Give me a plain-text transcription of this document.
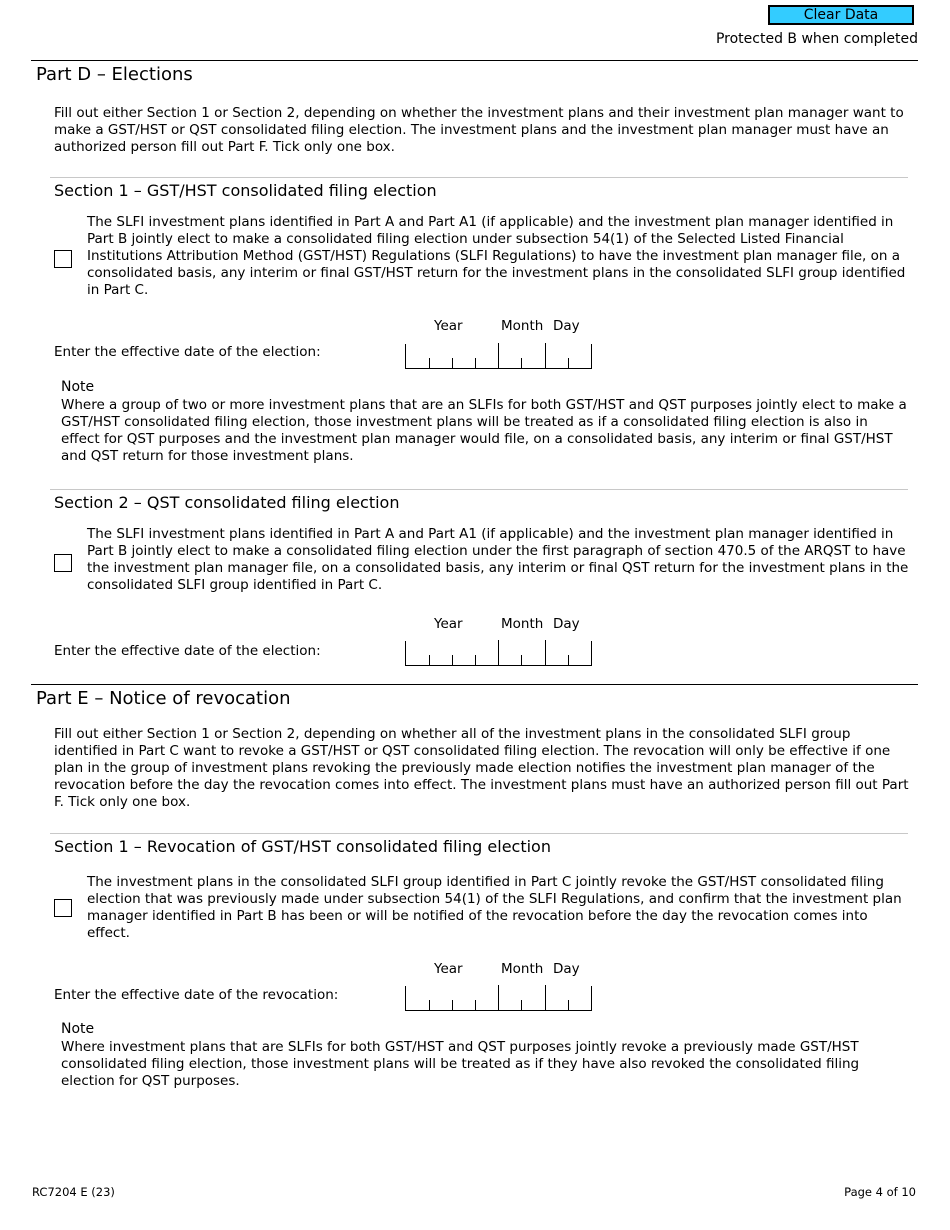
Clear Data
Protected B when completed
Part D – Elections
Fill out either Section 1 or Section 2, depending on whether the investment plans and their investment plan manager want to make a GST/HST or QST consolidated filing election. The investment plans and the investment plan manager must have an authorized person fill out Part F. Tick only one box.
Section 1 – GST/HST consolidated filing election
The SLFI investment plans identified in Part A and Part A1 (if applicable) and the investment plan manager identified in Part B jointly elect to make a consolidated filing election under subsection 54(1) of the Selected Listed Financial Institutions Attribution Method (GST/HST) Regulations (SLFI Regulations) to have the investment plan manager file, on a consolidated basis, any interim or final GST/HST return for the investment plans in the consolidated SLFI group identified in Part C.
Year	Month Day
Enter the effective date of the election:
Note
Where a group of two or more investment plans that are an SLFIs for both GST/HST and QST purposes jointly elect to make a GST/HST consolidated filing election, those investment plans will be treated as if a consolidated filing election is also in effect for QST purposes and the investment plan manager would file, on a consolidated basis, any interim or final GST/HST and QST return for those investment plans.
Section 2 – QST consolidated filing election
The SLFI investment plans identified in Part A and Part A1 (if applicable) and the investment plan manager identified in Part B jointly elect to make a consolidated filing election under the first paragraph of section 470.5 of the ARQST to have the investment plan manager file, on a consolidated basis, any interim or final QST return for the investment plans in the consolidated SLFI group identified in Part C.
Year	Month Day
Enter the effective date of the election:
Part E – Notice of revocation
Fill out either Section 1 or Section 2, depending on whether all of the investment plans in the consolidated SLFI group identified in Part C want to revoke a GST/HST or QST consolidated filing election. The revocation will only be effective if one plan in the group of investment plans revoking the previously made election notifies the investment plan manager of the revocation before the day the revocation comes into effect. The investment plans must have an authorized person fill out Part F. Tick only one box.
Section 1 – Revocation of GST/HST consolidated filing election
The investment plans in the consolidated SLFI group identified in Part C jointly revoke the GST/HST consolidated filing election that was previously made under subsection 54(1) of the SLFI Regulations, and confirm that the investment plan manager identified in Part B has been or will be notified of the revocation before the day the revocation comes into effect.
Year	Month Day
Enter the effective date of the revocation:
Note
Where investment plans that are SLFIs for both GST/HST and QST purposes jointly revoke a previously made GST/HST consolidated filing election, those investment plans will be treated as if they have also revoked the consolidated filing election for QST purposes.
RC7204 E (23)	Page 4 of 10
